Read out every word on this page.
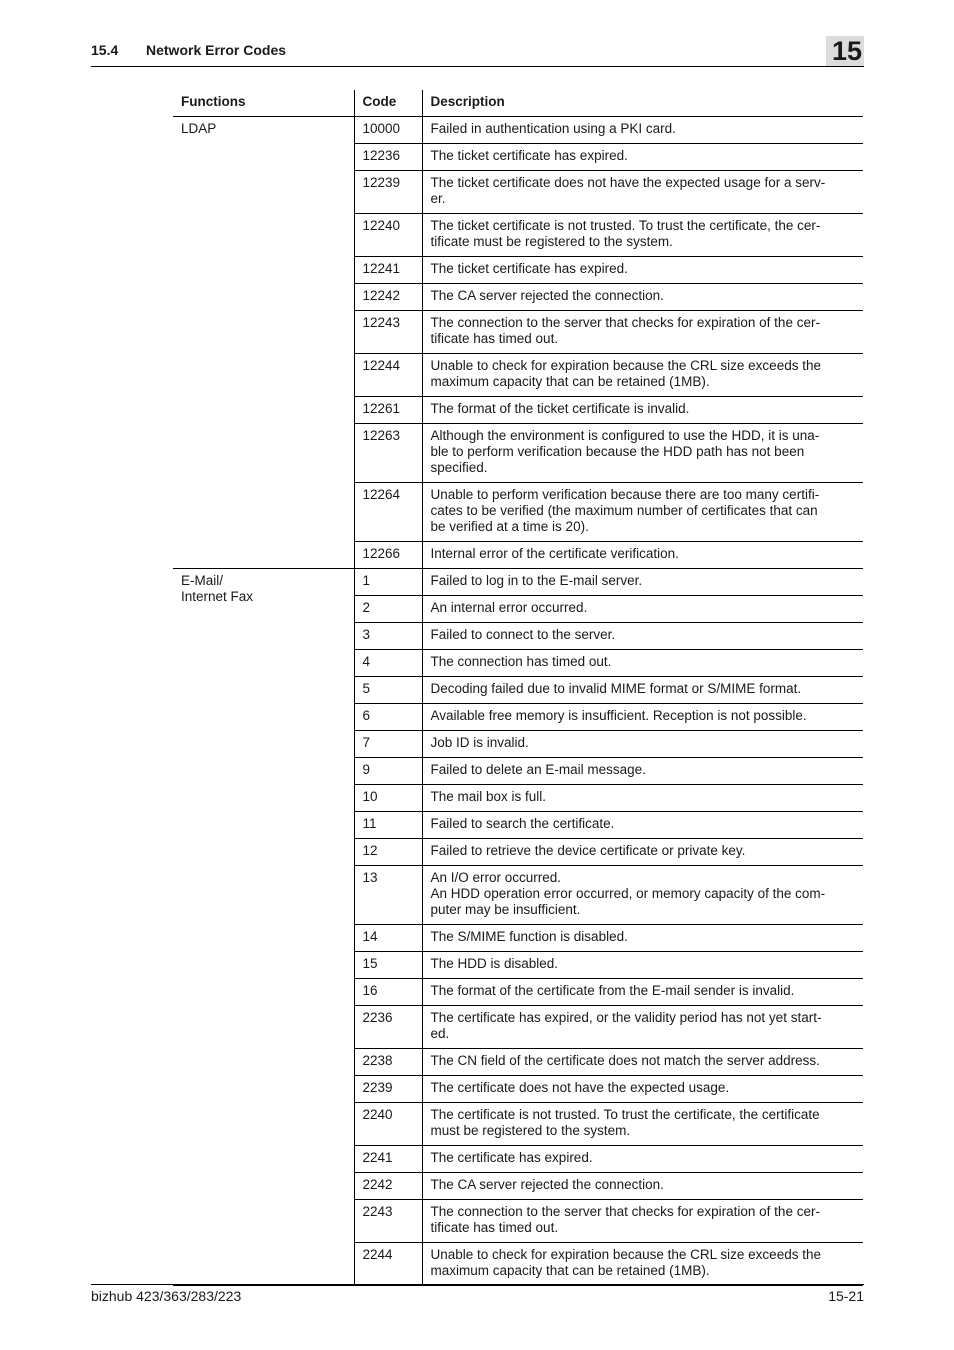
15.4 Network Error Codes	15
Functions	Code	Description

LDAP	10000	Failed in authentication using a PKI card.

	12236	The ticket certificate has expired.

	12239	The ticket certificate does not have the expected usage for a serv-
er.

	12240	The ticket certificate is not trusted. To trust the certificate, the cer-
tificate must be registered to the system.

	12241	The ticket certificate has expired.

	12242	The CA server rejected the connection.

	12243	The connection to the server that checks for expiration of the cer-
tificate has timed out.

	12244	Unable to check for expiration because the CRL size exceeds the
maximum capacity that can be retained (1MB).

	12261	The format of the ticket certificate is invalid.

	12263	Although the environment is configured to use the HDD, it is una-
ble to perform verification because the HDD path has not been
specified.

	12264	Unable to perform verification because there are too many certifi-
cates to be verified (the maximum number of certificates that can
be verified at a time is 20).

	12266	Internal error of the certificate verification.

E-Mail/
Internet Fax	1	Failed to log in to the E-mail server.

	2	An internal error occurred.

	3	Failed to connect to the server.

	4	The connection has timed out.

	5	Decoding failed due to invalid MIME format or S/MIME format.

	6	Available free memory is insufficient. Reception is not possible.

	7	Job ID is invalid.

	9	Failed to delete an E-mail message.

	10	The mail box is full.

	11	Failed to search the certificate.

	12	Failed to retrieve the device certificate or private key.

	13	An I/O error occurred.
An HDD operation error occurred, or memory capacity of the com-
puter may be insufficient.

	14	The S/MIME function is disabled.

	15	The HDD is disabled.

	16	The format of the certificate from the E-mail sender is invalid.

	2236	The certificate has expired, or the validity period has not yet start-
ed.

	2238	The CN field of the certificate does not match the server address.

	2239	The certificate does not have the expected usage.

	2240	The certificate is not trusted. To trust the certificate, the certificate
must be registered to the system.

	2241	The certificate has expired.

	2242	The CA server rejected the connection.

	2243	The connection to the server that checks for expiration of the cer-
tificate has timed out.

	2244	Unable to check for expiration because the CRL size exceeds the
maximum capacity that can be retained (1MB).
bizhub 423/363/283/223	15-21
